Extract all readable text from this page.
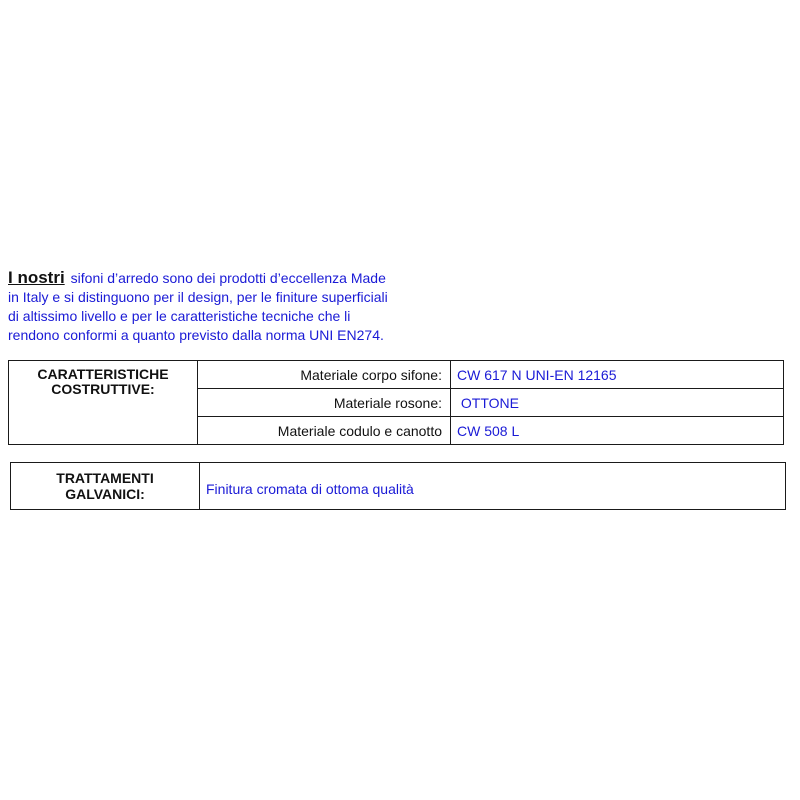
I nostri sifoni d’arredo sono dei prodotti d’eccellenza Made
in Italy e si distinguono per il design, per le finiture superficiali
di altissimo livello e per le caratteristiche tecniche che li
rendono conformi a quanto previsto dalla norma UNI EN274.
CARATTERISTICHE
COSTRUTTIVE:	Materiale corpo sifone:	CW 617 N UNI-EN 12165
	Materiale rosone:	OTTONE
	Materiale codulo e canotto	CW 508 L
TRATTAMENTI
GALVANICI:	Finitura cromata di ottoma qualità
